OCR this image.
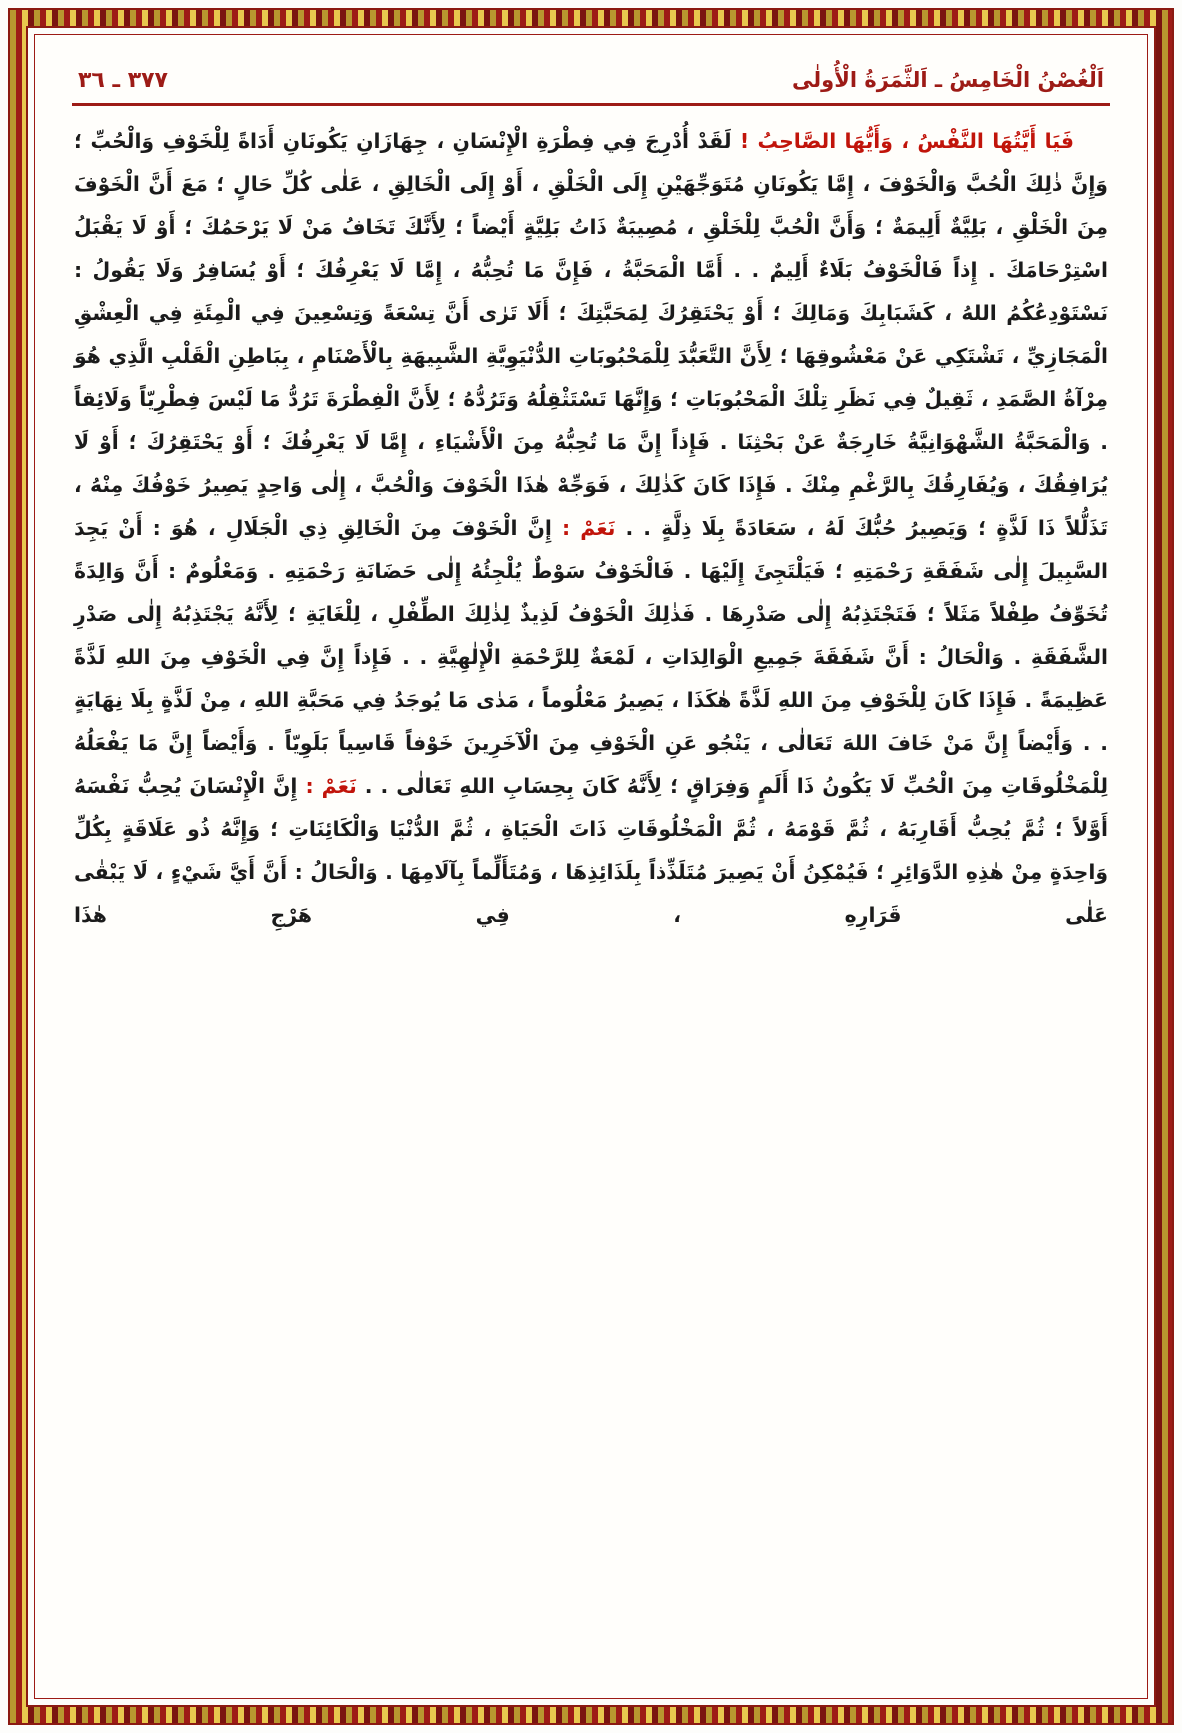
٣٧٧ ـ ٣٦	اَلْغُصْنُ الْخَامِسُ ـ اَلثَّمَرَةُ الْأُولٰى

فَيَا أَيَّتُهَا النَّفْسُ ، وَأَيُّهَا الصَّاحِبُ ! لَقَدْ أُدْرِجَ فِي فِطْرَةِ الْإِنْسَانِ ، جِهَازَانِ يَكُونَانِ أَدَاةً لِلْخَوْفِ وَالْحُبِّ ؛ وَإِنَّ ذٰلِكَ الْحُبَّ وَالْخَوْفَ ، إِمَّا يَكُونَانِ مُتَوَجِّهَيْنِ إِلَى الْخَلْقِ ، أَوْ إِلَى الْخَالِقِ ، عَلٰى كُلِّ حَالٍ ؛ مَعَ أَنَّ الْخَوْفَ مِنَ الْخَلْقِ ، بَلِيَّةٌ أَلِيمَةٌ ؛ وَأَنَّ الْحُبَّ لِلْخَلْقِ ، مُصِيبَةٌ ذَاتُ بَلِيَّةٍ أَيْضاً ؛ لِأَنَّكَ تَخَافُ مَنْ لَا يَرْحَمُكَ ؛ أَوْ لَا يَقْبَلُ اسْتِرْحَامَكَ . إِذاً فَالْخَوْفُ بَلَاءٌ أَلِيمٌ . . أَمَّا الْمَحَبَّةُ ، فَإِنَّ مَا تُحِبُّهُ ، إِمَّا لَا يَعْرِفُكَ ؛ أَوْ يُسَافِرُ وَلَا يَقُولُ : نَسْتَوْدِعُكُمُ اللهُ ، كَشَبَابِكَ وَمَالِكَ ؛ أَوْ يَحْتَقِرُكَ لِمَحَبَّتِكَ ؛ أَلَا تَرٰى أَنَّ تِسْعَةً وَتِسْعِينَ فِي الْمِئَةِ فِي الْعِشْقِ الْمَجَازِيِّ ، تَشْتَكِي عَنْ مَعْشُوقِهَا ؛ لِأَنَّ التَّعَبُّدَ لِلْمَحْبُوبَاتِ الدُّنْيَوِيَّةِ الشَّبِيهَةِ بِالْأَصْنَامِ ، بِبَاطِنِ الْقَلْبِ الَّذِي هُوَ مِرْآةُ الصَّمَدِ ، ثَقِيلٌ فِي نَظَرِ تِلْكَ الْمَحْبُوبَاتِ ؛ وَإِنَّهَا تَسْتَثْقِلُهُ وَتَرُدُّهُ ؛ لِأَنَّ الْفِطْرَةَ تَرُدُّ مَا لَيْسَ فِطْرِيّاً وَلَائِقاً . وَالْمَحَبَّةُ الشَّهْوَانِيَّةُ خَارِجَةٌ عَنْ بَحْثِنَا . فَإِذاً إِنَّ مَا تُحِبُّهُ مِنَ الْأَشْيَاءِ ، إِمَّا لَا يَعْرِفُكَ ؛ أَوْ يَحْتَقِرُكَ ؛ أَوْ لَا يُرَافِقُكَ ، وَيُفَارِقُكَ بِالرَّغْمِ مِنْكَ . فَإِذَا كَانَ كَذٰلِكَ ، فَوَجِّهْ هٰذَا الْخَوْفَ وَالْحُبَّ ، إِلٰى وَاحِدٍ يَصِيرُ خَوْفُكَ مِنْهُ ، تَذَلُّلاً ذَا لَذَّةٍ ؛ وَيَصِيرُ حُبُّكَ لَهُ ، سَعَادَةً بِلَا ذِلَّةٍ . . نَعَمْ : إِنَّ الْخَوْفَ مِنَ الْخَالِقِ ذِي الْجَلَالِ ، هُوَ : أَنْ يَجِدَ السَّبِيلَ إِلٰى شَفَقَةِ رَحْمَتِهِ ؛ فَيَلْتَجِئَ إِلَيْهَا . فَالْخَوْفُ سَوْطٌ يُلْجِئُهُ إِلٰى حَضَانَةِ رَحْمَتِهِ . وَمَعْلُومٌ : أَنَّ وَالِدَةً تُخَوِّفُ طِفْلاً مَثَلاً ؛ فَتَجْتَذِبُهُ إِلٰى صَدْرِهَا . فَذٰلِكَ الْخَوْفُ لَذِيذٌ لِذٰلِكَ الطِّفْلِ ، لِلْغَايَةِ ؛ لِأَنَّهُ يَجْتَذِبُهُ إِلٰى صَدْرِ الشَّفَقَةِ . وَالْحَالُ : أَنَّ شَفَقَةَ جَمِيعِ الْوَالِدَاتِ ، لَمْعَةٌ لِلرَّحْمَةِ الْإِلٰهِيَّةِ . . فَإِذاً إِنَّ فِي الْخَوْفِ مِنَ اللهِ لَذَّةً عَظِيمَةً . فَإِذَا كَانَ لِلْخَوْفِ مِنَ اللهِ لَذَّةً هٰكَذَا ، يَصِيرُ مَعْلُوماً ، مَدٰى مَا يُوجَدُ فِي مَحَبَّةِ اللهِ ، مِنْ لَذَّةٍ بِلَا نِهَايَةٍ . . وَأَيْضاً إِنَّ مَنْ خَافَ اللهَ تَعَالٰى ، يَنْجُو عَنِ الْخَوْفِ مِنَ الْآخَرِينَ خَوْفاً قَاسِياً بَلَوِيّاً . وَأَيْضاً إِنَّ مَا يَفْعَلُهُ لِلْمَخْلُوقَاتِ مِنَ الْحُبِّ لَا يَكُونُ ذَا أَلَمٍ وَفِرَاقٍ ؛ لِأَنَّهُ كَانَ بِحِسَابِ اللهِ تَعَالٰى . . نَعَمْ : إِنَّ الْإِنْسَانَ يُحِبُّ نَفْسَهُ أَوَّلاً ؛ ثُمَّ يُحِبُّ أَقَارِبَهُ ، ثُمَّ قَوْمَهُ ، ثُمَّ الْمَخْلُوقَاتِ ذَاتَ الْحَيَاةِ ، ثُمَّ الدُّنْيَا وَالْكَائِنَاتِ ؛ وَإِنَّهُ ذُو عَلَاقَةٍ بِكُلِّ وَاحِدَةٍ مِنْ هٰذِهِ الدَّوَائِرِ ؛ فَيُمْكِنُ أَنْ يَصِيرَ مُتَلَذِّذاً بِلَذَائِذِهَا ، وَمُتَأَلِّماً بِآلَامِهَا . وَالْحَالُ : أَنَّ أَيَّ شَيْءٍ ، لَا يَبْقٰى عَلٰى قَرَارِهِ ، فِي هَرْجِ هٰذَا
